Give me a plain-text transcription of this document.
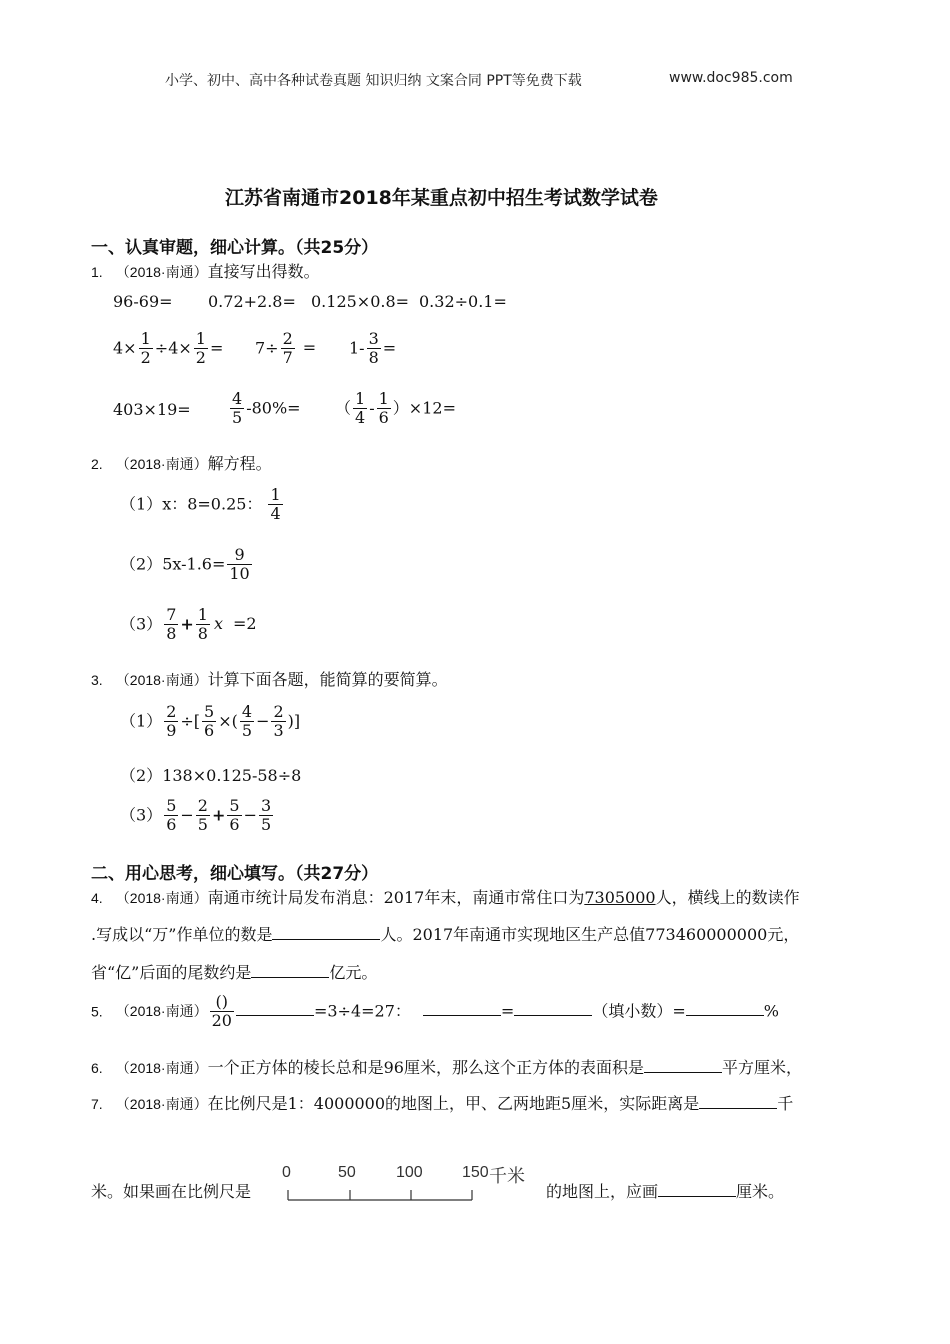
小学、初中、高中各种试卷真题 知识归纳 文案合同 PPT等免费下载	www.doc985.com
江苏省南通市2018年某重点初中招生考试数学试卷
一、认真审题，细心计算。（共25分）
1. （2018·南通）直接写出得数。
96-69= 0.72+2.8= 0.125×0.8= 0.32÷0.1=
$4\times \frac{1}{2} \div 4\times \frac{1}{2} = 7\div \frac{2}{7} = 1- \frac{3}{8}$ =
$403\times 19= \frac{4}{5} -80\%=$ （ $\frac{1}{4} - \frac{1}{6} )\times 12=$
2. （2018·南通）解方程。
（1）x：8=0.25： $\frac{1}{4}$
$(2)5x-1.6= \frac{9}{10}$
$(3) \frac{7}{8} + \frac{1}{8}$ x =2
3. （2018·南通）计算下面各题，能简算的要简算。
$(1) \frac{2}{9}$ ÷[ $\frac{5}{6}$ ×( $\frac{4}{5} - \frac{2}{3}$ )]
（2）138×0.125-58÷8
$(3) \frac{5}{6} - \frac{2}{5} + \frac{5}{6} - \frac{3}{5}$
二、用心思考，细心填写。（共27分）
4. （2018·南通）南通市统计局发布消息：2017年末，南通市常住口为7305000人，横线上的数读作
.写成以“万”作单位的数是	人。2017年南通市实现地区生产总值773460000000元，
省“亿”后面的尾数约是	亿元。
5. （2018·南通） $\frac{()}{20}$	=3÷4=27：	=	（填小数）=	%
6. （2018·南通）一个正方体的棱长总和是96厘米，那么这个正方体的表面积是	平方厘米，
7. （2018·南通）在比例尺是1：4000000的地图上，甲、乙两地距5厘米，实际距离是	千
米。如果画在比例尺是
0	50	100 150 千米
的地图上，应画	厘米。
